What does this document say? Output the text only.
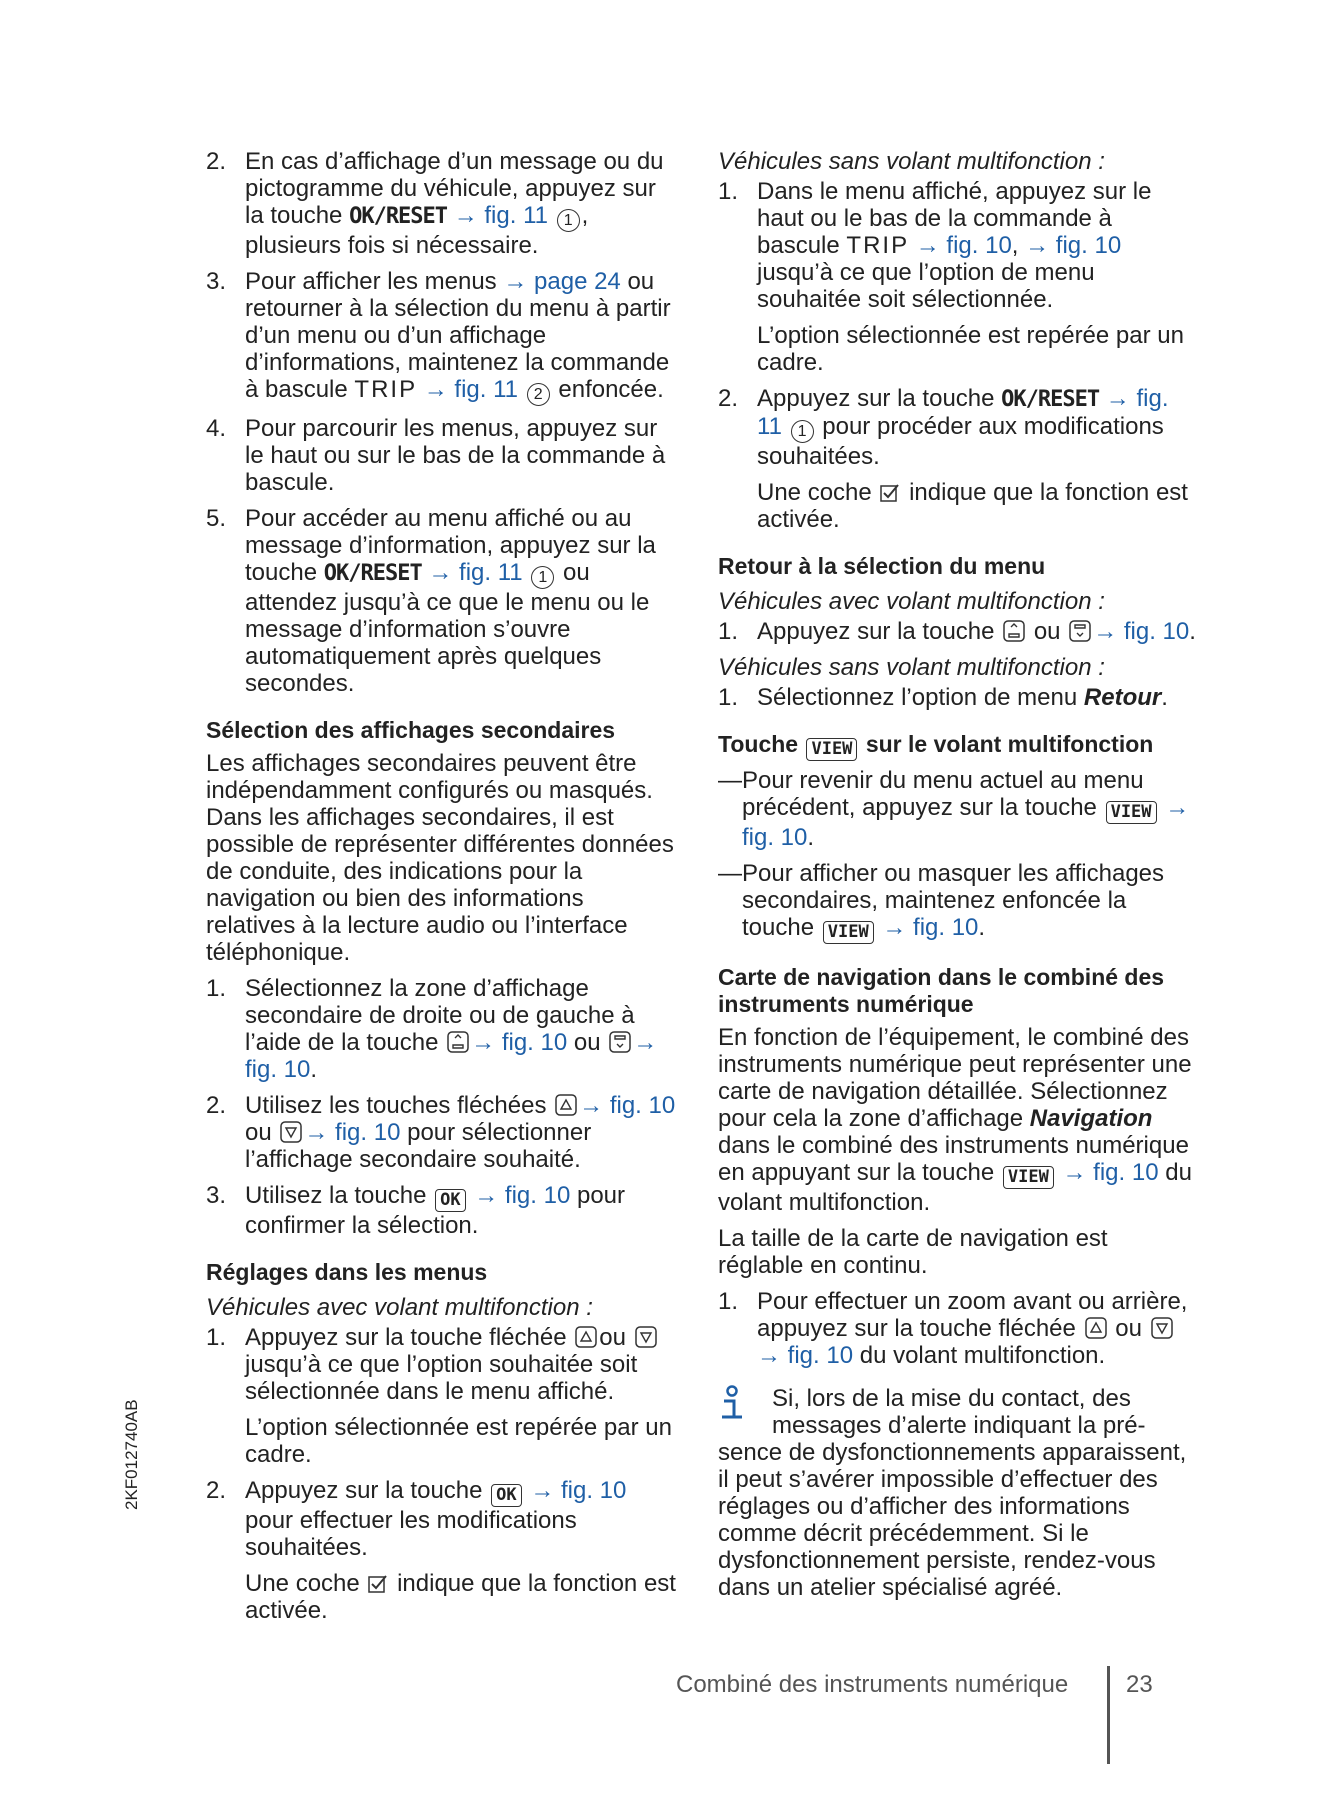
2. En cas d’affichage d’un message ou du pictogramme du véhicule, appuyez sur la touche OK/RESET → fig. 11 1 , plusieurs fois si nécessaire.
3. Pour afficher les menus → page 24 ou retourner à la sélection du menu à partir d’un menu ou d’un affichage d’informations, maintenez la commande à bascule TRIP → fig. 11 2 enfoncée.
4. Pour parcourir les menus, appuyez sur le haut ou sur le bas de la commande à bascule.
5. Pour accéder au menu affiché ou au message d’information, appuyez sur la touche OK/RESET → fig. 11 1 ou attendez jusqu’à ce que le menu ou le message d’information s’ouvre automatiquement après quelques secondes.
Sélection des affichages secondaires

Les affichages secondaires peuvent être indépendamment configurés ou masqués. Dans les affichages secondaires, il est possible de représenter différentes données de conduite, des indications pour la navigation ou bien des informations relatives à la lecture audio ou l’interface téléphonique.

1. Sélectionnez la zone d’affichage secondaire de droite ou de gauche à l’aide de la touche → fig. 10 ou → fig. 10.
2. Utilisez les touches fléchées → fig. 10 ou → fig. 10 pour sélectionner l’affichage secondaire souhaité.
3. Utilisez la touche OK → fig. 10 pour confirmer la sélection.
Réglages dans les menus
Véhicules avec volant multifonction :
1. Appuyez sur la touche fléchée ou  jusqu’à ce que l’option souhaitée soit sélectionnée dans le menu affiché.

L’option sélectionnée est repérée par un cadre.

2. Appuyez sur la touche OK → fig. 10 pour effectuer les modifications souhaitées.

Une coche indique que la fonction est activée.

Véhicules sans volant multifonction :
1. Dans le menu affiché, appuyez sur le haut ou le bas de la commande à bascule TRIP → fig. 10, → fig. 10 jusqu’à ce que l’option de menu souhaitée soit sélectionnée.

L’option sélectionnée est repérée par un cadre.

2. Appuyez sur la touche OK/RESET → fig. 11 1 pour procéder aux modifications souhaitées.

Une coche indique que la fonction est activée.

Retour à la sélection du menu
Véhicules avec volant multifonction :
1. Appuyez sur la touche ou → fig. 10.
Véhicules sans volant multifonction :
1. Sélectionnez l’option de menu Retour.
Touche VIEW sur le volant multifonction
— Pour revenir du menu actuel au menu précédent, appuyez sur la touche VIEW → fig. 10.
— Pour afficher ou masquer les affichages secondaires, maintenez enfoncée la touche VIEW → fig. 10.
Carte de navigation dans le combiné des instruments numérique

En fonction de l’équipement, le combiné des instruments numérique peut représenter une carte de navigation détaillée. Sélectionnez pour cela la zone d’affichage Navigation dans le combiné des instruments numérique en appuyant sur la touche VIEW → fig. 10 du volant multifonction.

La taille de la carte de navigation est réglable en continu.

1. Pour effectuer un zoom avant ou arrière, appuyez sur la touche fléchée ou  → fig. 10 du volant multifonction.
Si, lors de la mise du contact, des messages d’alerte indiquant la pré-
sence de dysfonctionnements apparaissent, il peut s’avérer impossible d’effectuer des réglages ou d’afficher des informations comme décrit précédemment. Si le dysfonctionnement persiste, rendez-vous dans un atelier spécialisé agréé.
2KF012740AB
Combiné des instruments numérique 23
